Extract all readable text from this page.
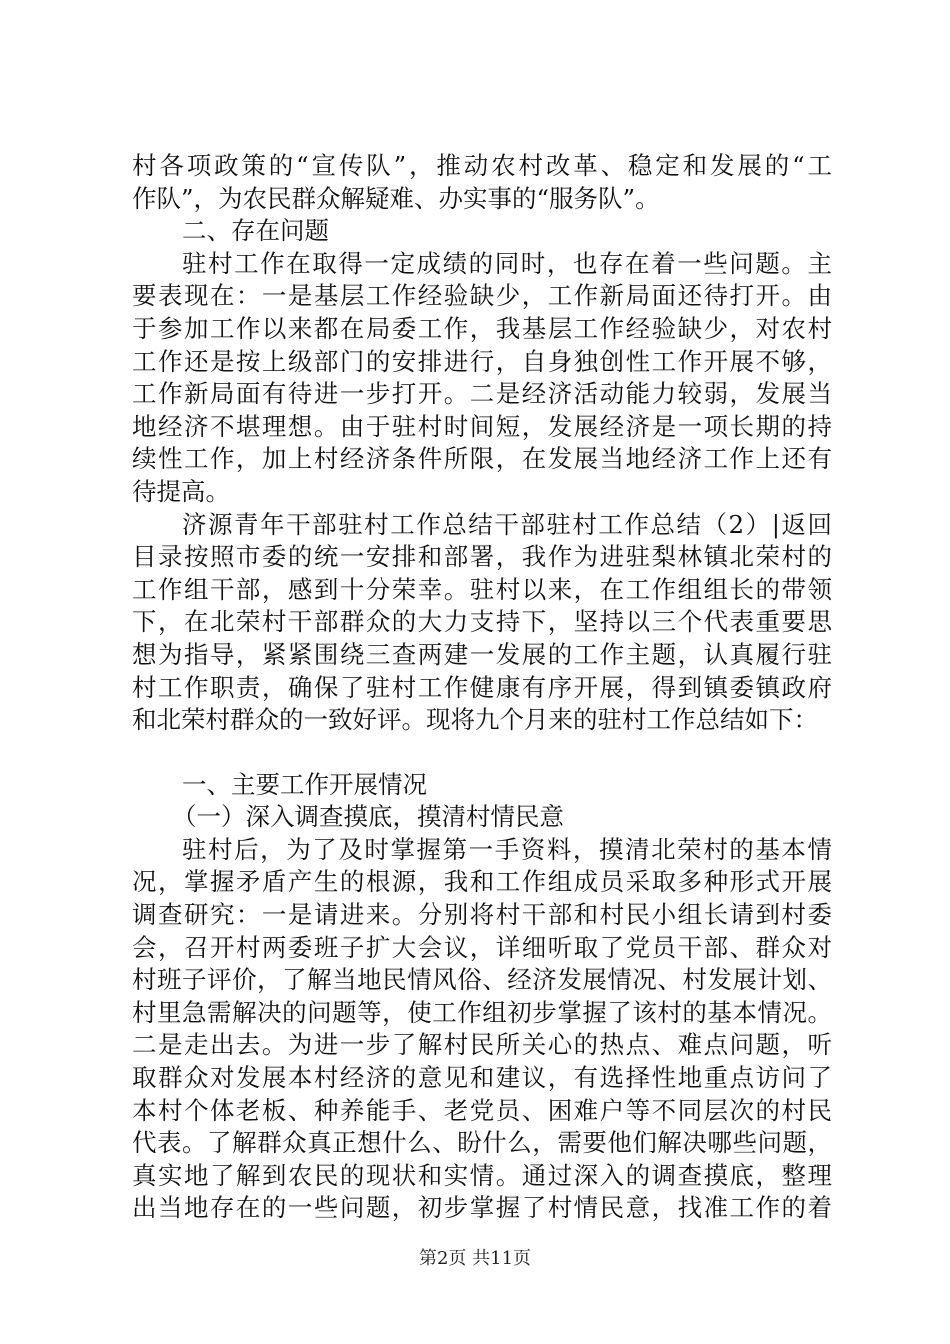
村各项政策的“宣传队”，推动农村改革、稳定和发展的“工
作队”，为农民群众解疑难、办实事的“服务队”。
二、存在问题
驻村工作在取得一定成绩的同时，也存在着一些问题。主
要表现在：一是基层工作经验缺少，工作新局面还待打开。由
于参加工作以来都在局委工作，我基层工作经验缺少，对农村
工作还是按上级部门的安排进行，自身独创性工作开展不够，
工作新局面有待进一步打开。二是经济活动能力较弱，发展当
地经济不堪理想。由于驻村时间短，发展经济是一项长期的持
续性工作，加上村经济条件所限，在发展当地经济工作上还有
待提高。
济源青年干部驻村工作总结干部驻村工作总结（2）|返回
目录按照市委的统一安排和部署，我作为进驻梨林镇北荣村的
工作组干部，感到十分荣幸。驻村以来，在工作组组长的带领
下，在北荣村干部群众的大力支持下，坚持以三个代表重要思
想为指导，紧紧围绕三查两建一发展的工作主题，认真履行驻
村工作职责，确保了驻村工作健康有序开展，得到镇委镇政府
和北荣村群众的一致好评。现将九个月来的驻村工作总结如下：
一、主要工作开展情况
（一）深入调查摸底，摸清村情民意
驻村后，为了及时掌握第一手资料，摸清北荣村的基本情
况，掌握矛盾产生的根源，我和工作组成员采取多种形式开展
调查研究：一是请进来。分别将村干部和村民小组长请到村委
会，召开村两委班子扩大会议，详细听取了党员干部、群众对
村班子评价，了解当地民情风俗、经济发展情况、村发展计划、
村里急需解决的问题等，使工作组初步掌握了该村的基本情况。
二是走出去。为进一步了解村民所关心的热点、难点问题，听
取群众对发展本村经济的意见和建议，有选择性地重点访问了
本村个体老板、种养能手、老党员、困难户等不同层次的村民
代表。了解群众真正想什么、盼什么，需要他们解决哪些问题，
真实地了解到农民的现状和实情。通过深入的调查摸底，整理
出当地存在的一些问题，初步掌握了村情民意，找准工作的着
第2页 共11页
